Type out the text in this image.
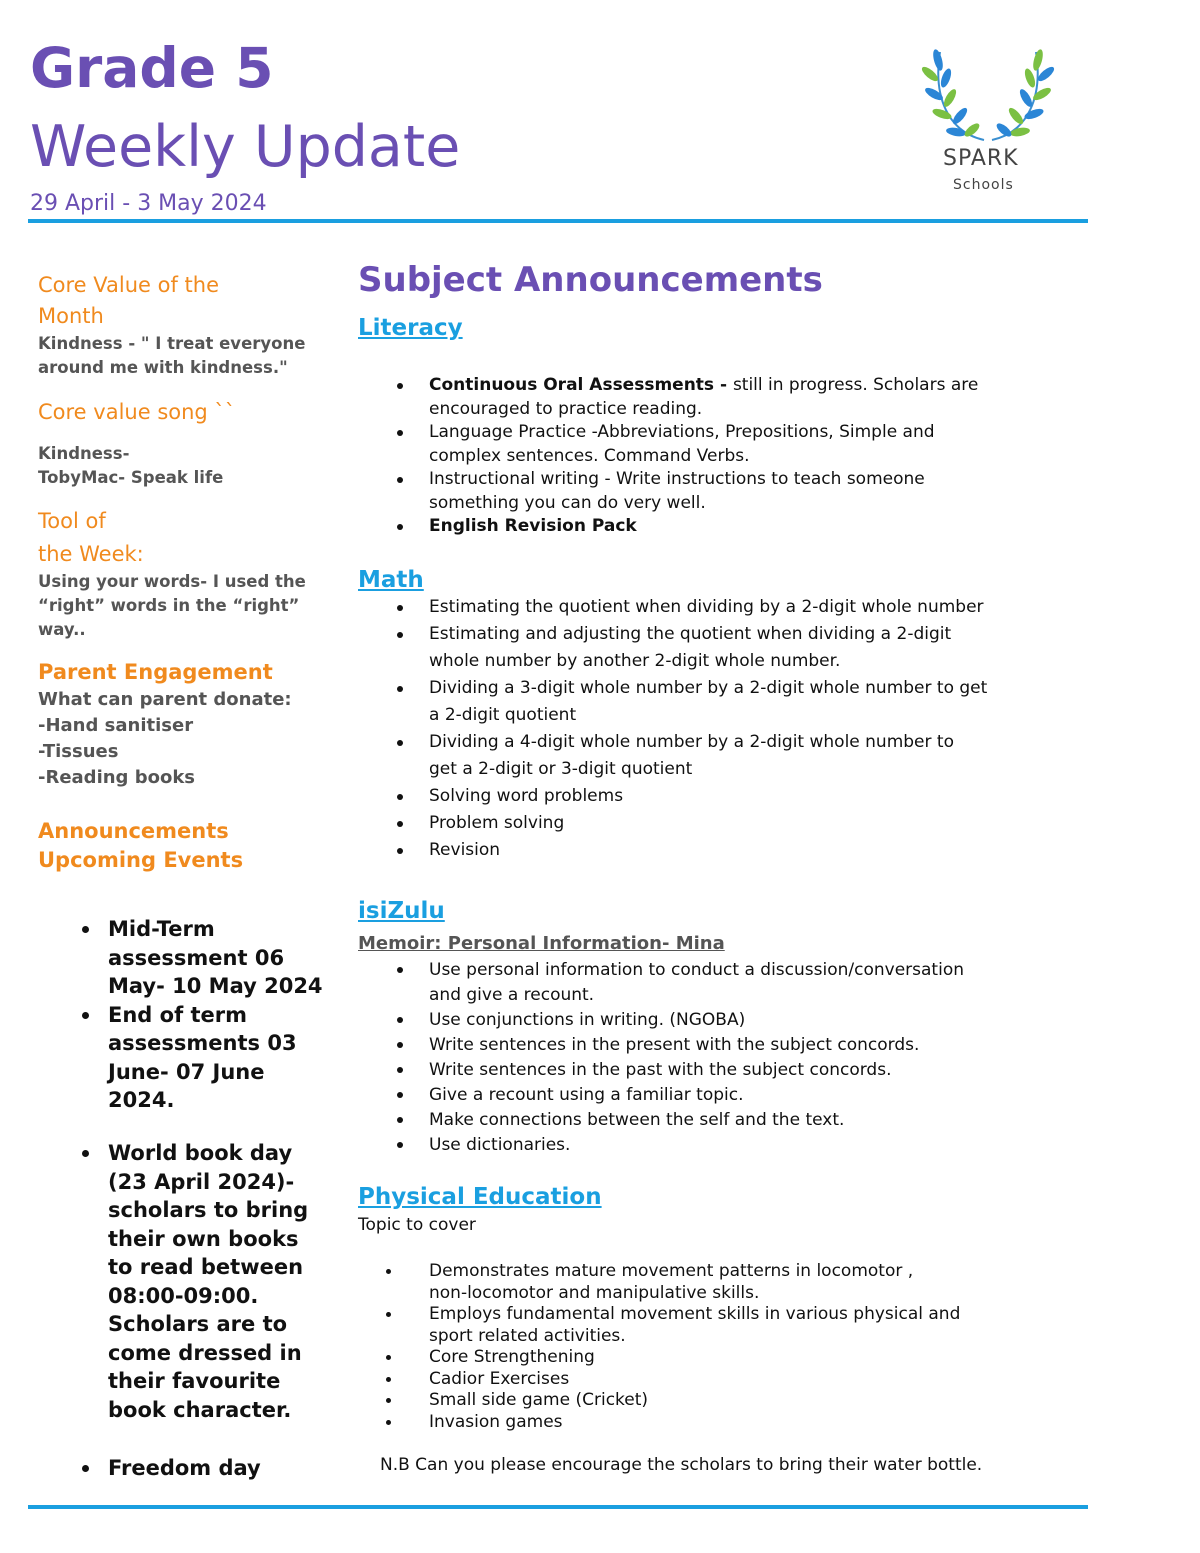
Grade 5
Weekly Update
29 April - 3 May 2024
SPARK
Schools
Core Value of the
Month
Kindness - " I treat everyone
around me with kindness."
Core value song ``
Kindness-
TobyMac- Speak life
Tool of
the Week:
Using your words- I used the
“right” words in the “right”
way..
Parent Engagement
What can parent donate:
-Hand sanitiser
-Tissues
-Reading books
Announcements
Upcoming Events
Mid-Term
assessment 06
May- 10 May 2024
End of term
assessments 03
June- 07 June
2024.
World book day
(23 April 2024)-
scholars to bring
their own books
to read between
08:00-09:00.
Scholars are to
come dressed in
their favourite
book character.
Freedom day
Subject Announcements
Literacy
Continuous Oral Assessments - still in progress. Scholars are
encouraged to practice reading.
Language Practice -Abbreviations, Prepositions, Simple and
complex sentences. Command Verbs.
Instructional writing - Write instructions to teach someone
something you can do very well.
English Revision Pack
Math
Estimating the quotient when dividing by a 2-digit whole number
Estimating and adjusting the quotient when dividing a 2-digit
whole number by another 2-digit whole number.
Dividing a 3-digit whole number by a 2-digit whole number to get
a 2-digit quotient
Dividing a 4-digit whole number by a 2-digit whole number to
get a 2-digit or 3-digit quotient
Solving word problems
Problem solving
Revision
isiZulu
Memoir: Personal Information- Mina
Use personal information to conduct a discussion/conversation
and give a recount.
Use conjunctions in writing. (NGOBA)
Write sentences in the present with the subject concords.
Write sentences in the past with the subject concords.
Give a recount using a familiar topic.
Make connections between the self and the text.
Use dictionaries.
Physical Education
Topic to cover
Demonstrates mature movement patterns in locomotor ,
non-locomotor and manipulative skills.
Employs fundamental movement skills in various physical and
sport related activities.
Core Strengthening
Cadior Exercises
Small side game (Cricket)
Invasion games
N.B Can you please encourage the scholars to bring their water bottle.
